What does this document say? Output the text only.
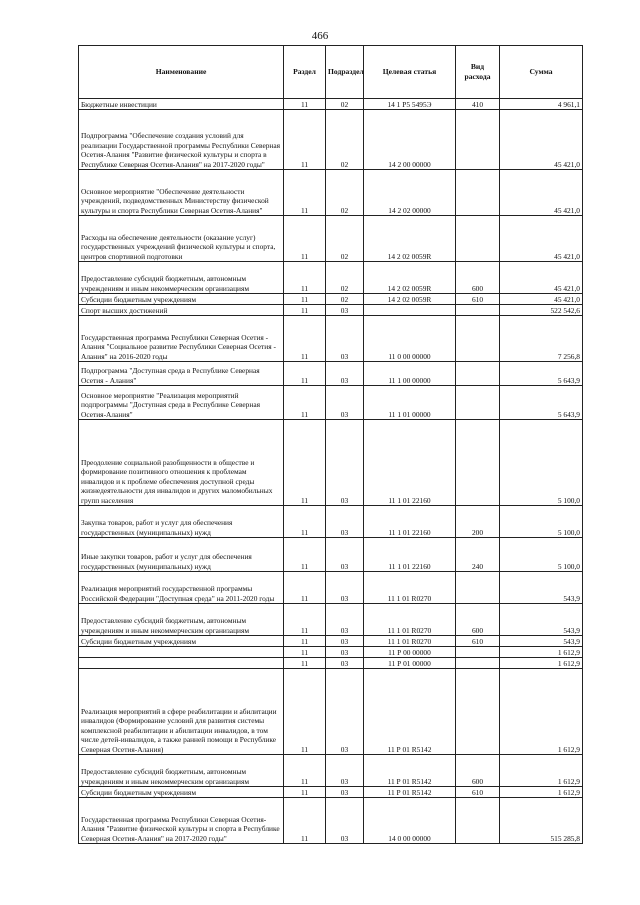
466
Наименование	Раздел	Подраздел	Целевая статья	Вид расхода	Сумма
Бюджетные инвестиции	11	02	14 1 P5 5495Э	410	4 961,1
Подпрограмма "Обеспечение создания условий для реализации Государственной программы Республики Северная Осетия-Алания "Развитие физической культуры и спорта в Республике Северная Осетия-Алания" на 2017-2020 годы"	11	02	14 2 00 00000		45 421,0
Основное мероприятие "Обеспечение деятельности учреждений, подведомственных Министерству физической культуры и спорта Республики Северная Осетия-Алания"	11	02	14 2 02 00000		45 421,0
Расходы на обеспечение деятельности (оказание услуг) государственных учреждений физической культуры и спорта, центров спортивной подготовки	11	02	14 2 02 0059R		45 421,0
Предоставление субсидий бюджетным, автономным учреждениям и иным некоммерческим организациям	11	02	14 2 02 0059R	600	45 421,0
Субсидии бюджетным учреждениям	11	02	14 2 02 0059R	610	45 421,0
Спорт высших достижений	11	03			522 542,6
Государственная программа Республики Северная Осетия - Алания "Социальное развитие Республики Северная Осетия - Алания" на 2016-2020 годы	11	03	11 0 00 00000		7 256,8
Подпрограмма "Доступная среда в Республике Северная Осетия - Алания"	11	03	11 1 00 00000		5 643,9
Основное мероприятие "Реализация мероприятий подпрограммы "Доступная среда в Республике Северная Осетия-Алания"	11	03	11 1 01 00000		5 643,9
Преодоление социальной разобщенности в обществе и формирование позитивного отношения к проблемам инвалидов и к проблеме обеспечения доступной среды жизнедеятельности для инвалидов и других маломобильных групп населения	11	03	11 1 01 22160		5 100,0
Закупка товаров, работ и услуг для обеспечения государственных (муниципальных) нужд	11	03	11 1 01 22160	200	5 100,0
Иные закупки товаров, работ и услуг для обеспечения государственных (муниципальных) нужд	11	03	11 1 01 22160	240	5 100,0
Реализация мероприятий государственной программы Российской Федерации "Доступная среда" на 2011-2020 годы	11	03	11 1 01 R0270		543,9
Предоставление субсидий бюджетным, автономным учреждениям и иным некоммерческим организациям	11	03	11 1 01 R0270	600	543,9
Субсидии бюджетным учреждениям	11	03	11 1 01 R0270	610	543,9
	11	03	11 Р 00 00000		1 612,9
	11	03	11 Р 01 00000		1 612,9
Реализация мероприятий в сфере реабилитации и абилитации инвалидов (Формирование условий для развития системы комплексной реабилитации и абилитации инвалидов, в том числе детей-инвалидов, а также ранней помощи в Республике Северная Осетия-Алания)	11	03	11 Р 01 R5142		1 612,9
Предоставление субсидий бюджетным, автономным учреждениям и иным некоммерческим организациям	11	03	11 Р 01 R5142	600	1 612,9
Субсидии бюджетным учреждениям	11	03	11 Р 01 R5142	610	1 612,9
Государственная программа Республики Северная Осетия-Алания "Развитие физической культуры и спорта в Республике Северная Осетия-Алания" на 2017-2020 годы"	11	03	14 0 00 00000		515 285,8
